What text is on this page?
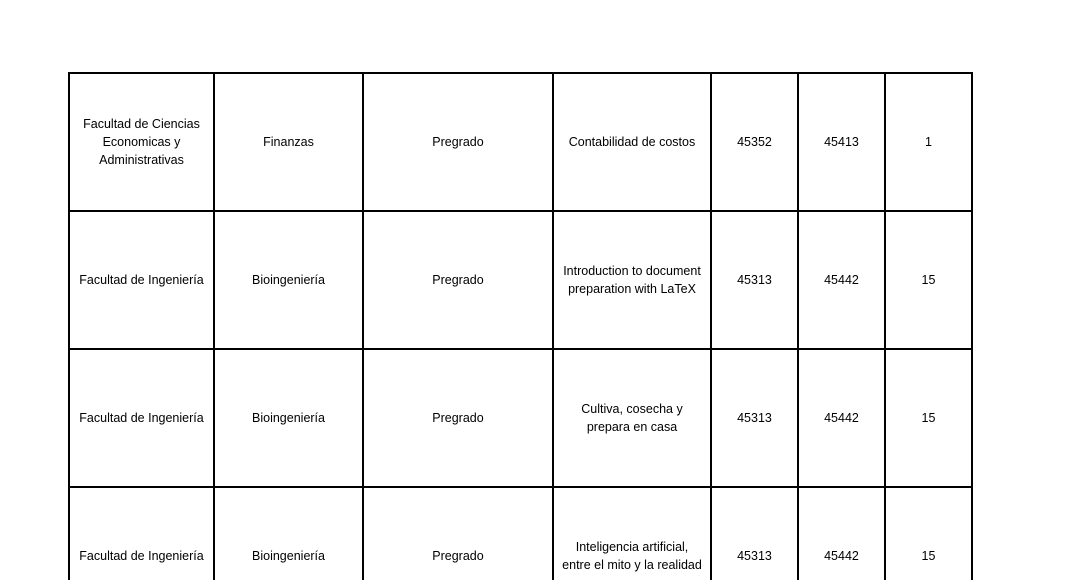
Facultad de Ciencias Economicas y Administrativas	Finanzas	Pregrado	Contabilidad de costos	45352	45413	1
Facultad de Ingeniería	Bioingeniería	Pregrado	Introduction to document preparation with LaTeX	45313	45442	15
Facultad de Ingeniería	Bioingeniería	Pregrado	Cultiva, cosecha y prepara en casa	45313	45442	15
Facultad de Ingeniería	Bioingeniería	Pregrado	Inteligencia artificial, entre el mito y la realidad	45313	45442	15
